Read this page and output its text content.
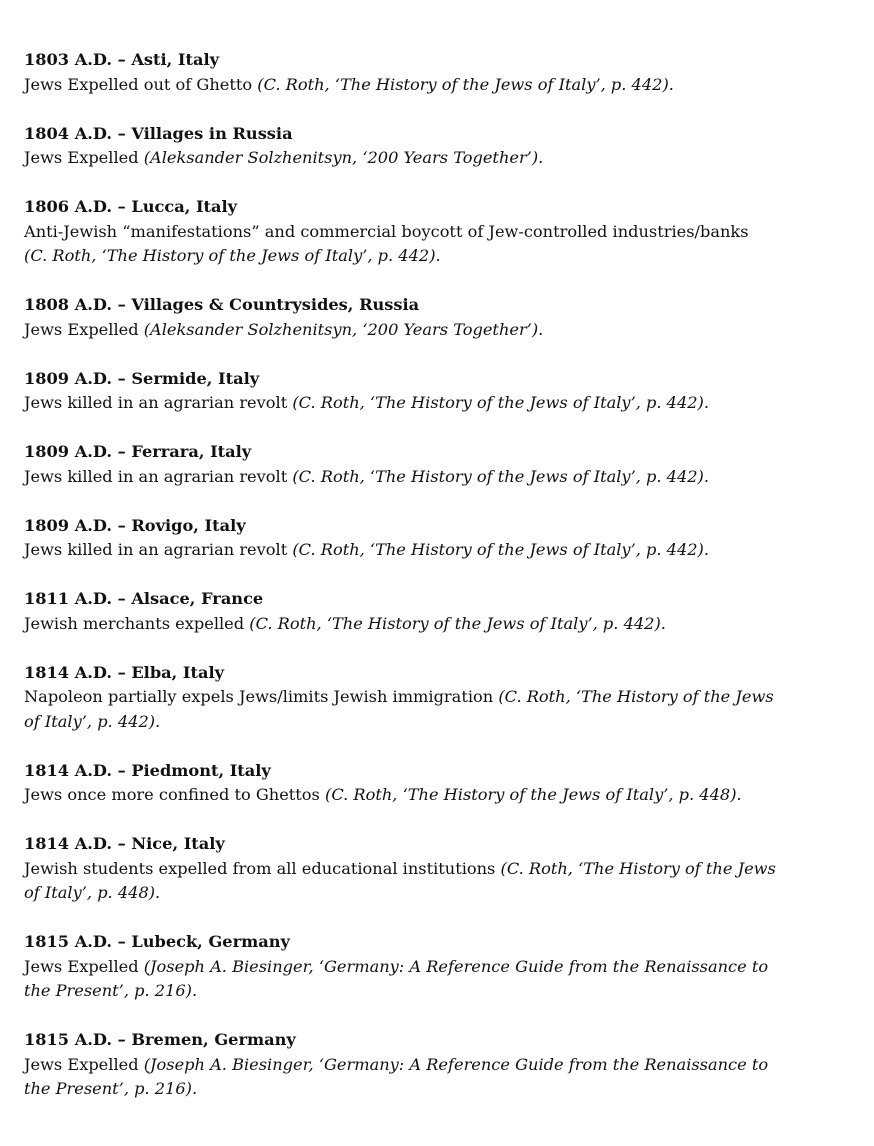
1803 A.D. – Asti, Italy
Jews Expelled out of Ghetto (C. Roth, ‘The History of the Jews of Italy’, p. 442).
1804 A.D. – Villages in Russia
Jews Expelled (Aleksander Solzhenitsyn, ‘200 Years Together’).
1806 A.D. – Lucca, Italy
Anti-Jewish “manifestations” and commercial boycott of Jew-controlled industries/banks
(C. Roth, ‘The History of the Jews of Italy’, p. 442).
1808 A.D. – Villages & Countrysides, Russia
Jews Expelled (Aleksander Solzhenitsyn, ‘200 Years Together’).
1809 A.D. – Sermide, Italy
Jews killed in an agrarian revolt (C. Roth, ‘The History of the Jews of Italy’, p. 442).
1809 A.D. – Ferrara, Italy
Jews killed in an agrarian revolt (C. Roth, ‘The History of the Jews of Italy’, p. 442).
1809 A.D. – Rovigo, Italy
Jews killed in an agrarian revolt (C. Roth, ‘The History of the Jews of Italy’, p. 442).
1811 A.D. – Alsace, France
Jewish merchants expelled (C. Roth, ‘The History of the Jews of Italy’, p. 442).
1814 A.D. – Elba, Italy
Napoleon partially expels Jews/limits Jewish immigration (C. Roth, ‘The History of the Jews
of Italy’, p. 442).
1814 A.D. – Piedmont, Italy
Jews once more confined to Ghettos (C. Roth, ‘The History of the Jews of Italy’, p. 448).
1814 A.D. – Nice, Italy
Jewish students expelled from all educational institutions (C. Roth, ‘The History of the Jews
of Italy’, p. 448).
1815 A.D. – Lubeck, Germany
Jews Expelled (Joseph A. Biesinger, ‘Germany: A Reference Guide from the Renaissance to
the Present’, p. 216).
1815 A.D. – Bremen, Germany
Jews Expelled (Joseph A. Biesinger, ‘Germany: A Reference Guide from the Renaissance to
the Present’, p. 216).
